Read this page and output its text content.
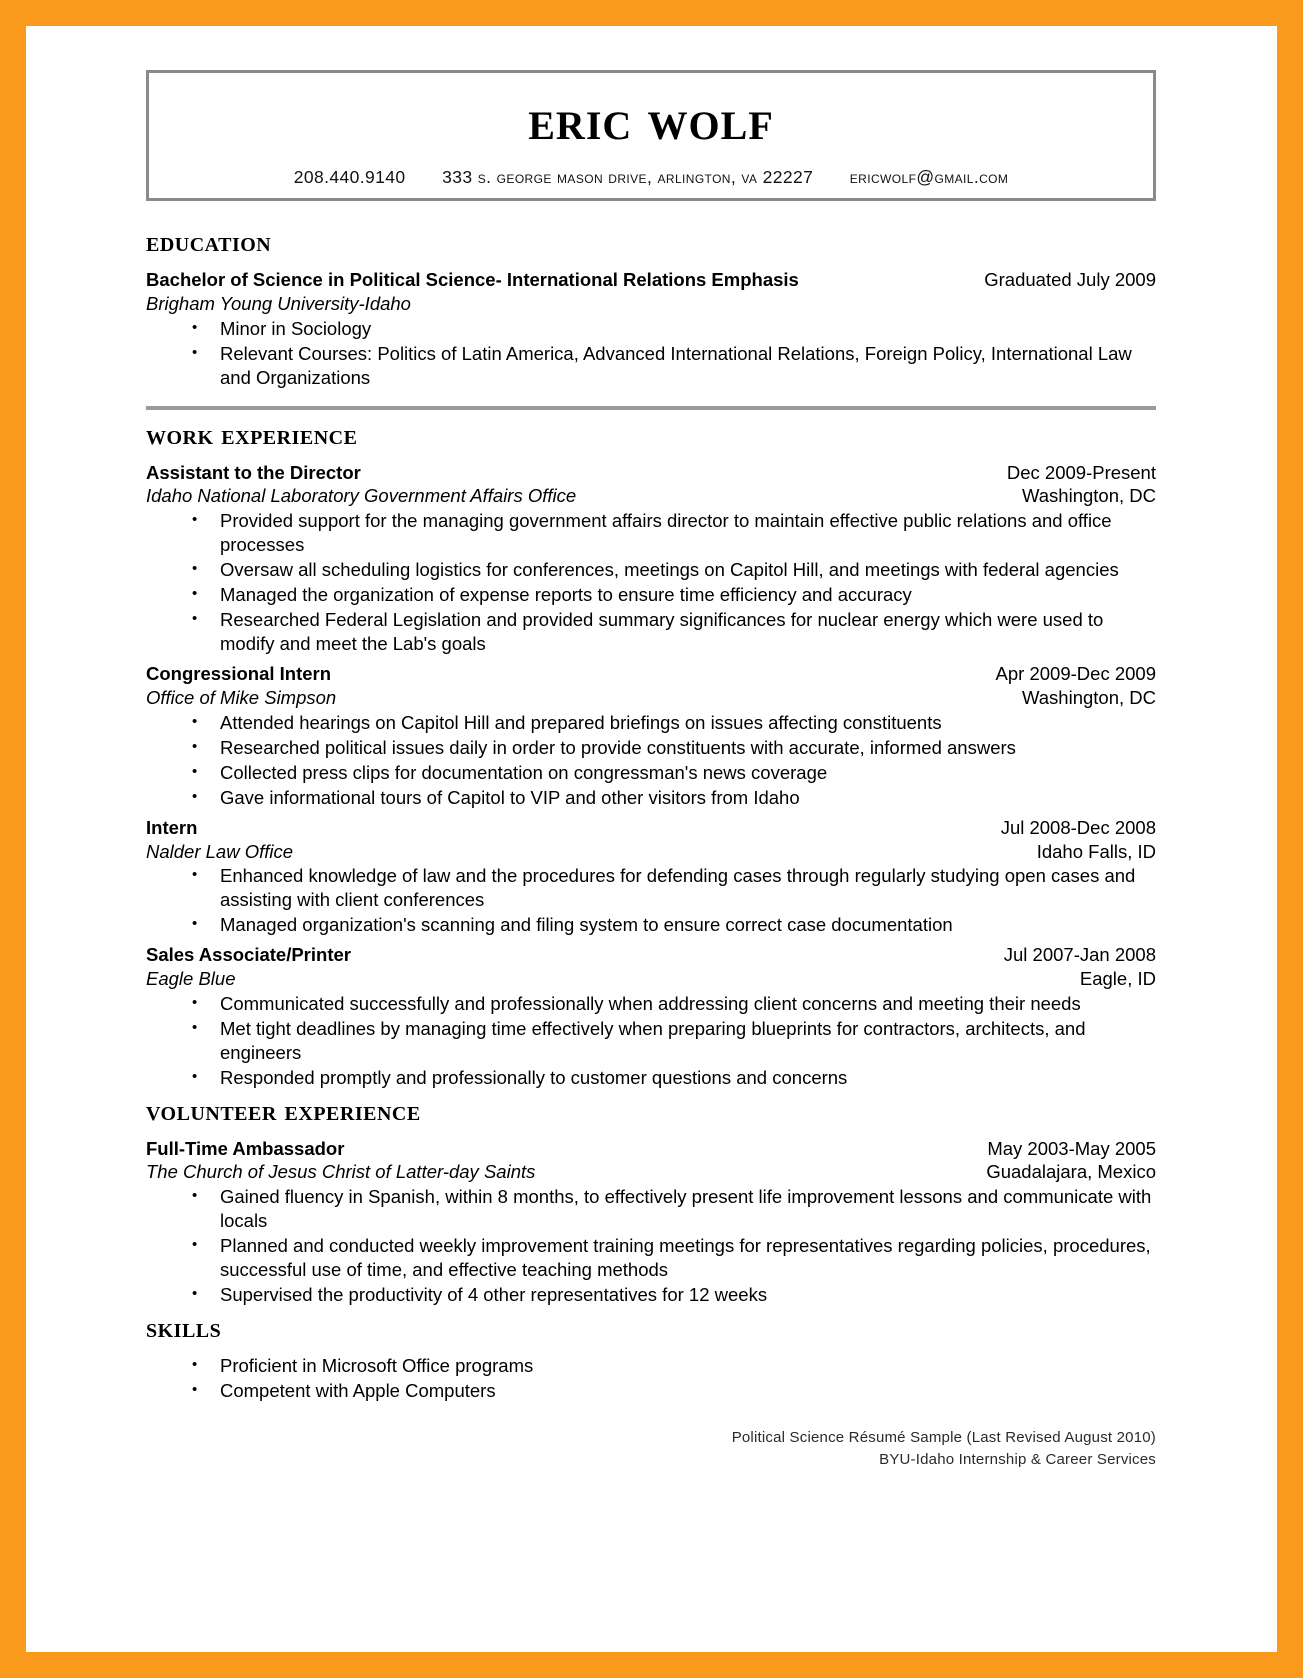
eric wolf
208.440.9140 333 s. george mason drive, arlington, va 22227 ericwolf@gmail.com
education
Bachelor of Science in Political Science- International Relations Emphasis	Graduated July 2009
Brigham Young University-Idaho
• Minor in Sociology
• Relevant Courses: Politics of Latin America, Advanced International Relations, Foreign Policy, International Law and Organizations
work experience
Assistant to the Director	Dec 2009-Present
Idaho National Laboratory Government Affairs Office	Washington, DC
• Provided support for the managing government affairs director to maintain effective public relations and office processes
• Oversaw all scheduling logistics for conferences, meetings on Capitol Hill, and meetings with federal agencies
• Managed the organization of expense reports to ensure time efficiency and accuracy
• Researched Federal Legislation and provided summary significances for nuclear energy which were used to modify and meet the Lab's goals
Congressional Intern	Apr 2009-Dec 2009
Office of Mike Simpson	Washington, DC
• Attended hearings on Capitol Hill and prepared briefings on issues affecting constituents
• Researched political issues daily in order to provide constituents with accurate, informed answers
• Collected press clips for documentation on congressman's news coverage
• Gave informational tours of Capitol to VIP and other visitors from Idaho
Intern	Jul 2008-Dec 2008
Nalder Law Office	Idaho Falls, ID
• Enhanced knowledge of law and the procedures for defending cases through regularly studying open cases and assisting with client conferences
• Managed organization's scanning and filing system to ensure correct case documentation
Sales Associate/Printer	Jul 2007-Jan 2008
Eagle Blue	Eagle, ID
• Communicated successfully and professionally when addressing client concerns and meeting their needs
• Met tight deadlines by managing time effectively when preparing blueprints for contractors, architects, and engineers
• Responded promptly and professionally to customer questions and concerns
volunteer experience
Full-Time Ambassador	May 2003-May 2005
The Church of Jesus Christ of Latter-day Saints	Guadalajara, Mexico
• Gained fluency in Spanish, within 8 months, to effectively present life improvement lessons and communicate with locals
• Planned and conducted weekly improvement training meetings for representatives regarding policies, procedures, successful use of time, and effective teaching methods
• Supervised the productivity of 4 other representatives for 12 weeks
skills
• Proficient in Microsoft Office programs
• Competent with Apple Computers
Political Science Résumé Sample (Last Revised August 2010)
BYU-Idaho Internship & Career Services
